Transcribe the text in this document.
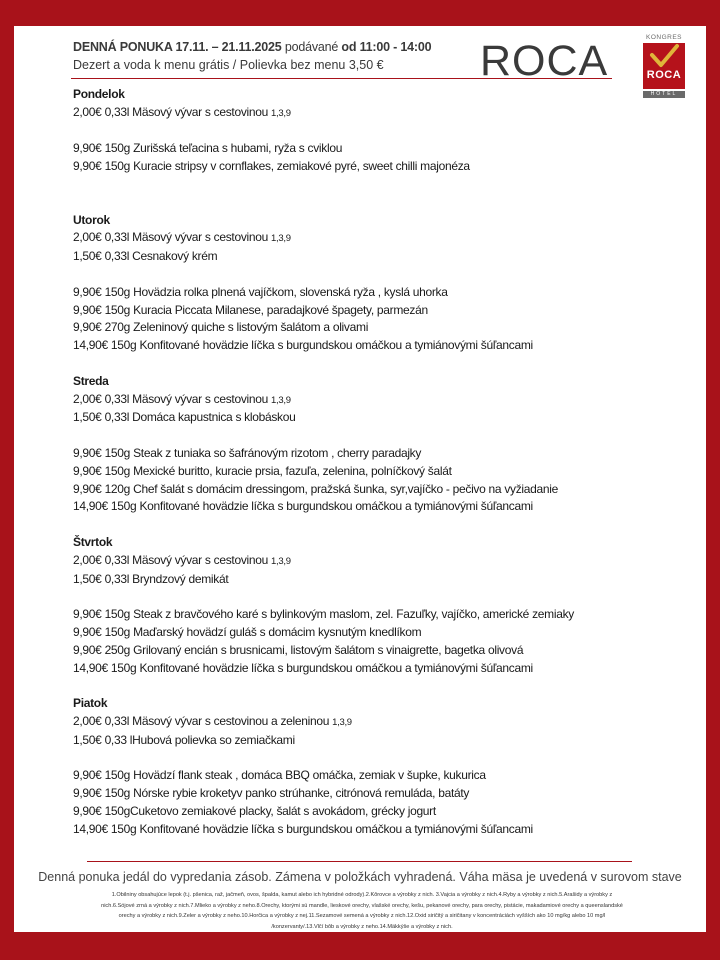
DENNÁ PONUKA 17.11. – 21.11.2025 podávané od 11:00 - 14:00
Dezert a voda k menu grátis / Polievka bez menu 3,50 € ROCA	KONGRES
ROCA
HOTEL
Pondelok
2,00€ 0,33l Mäsový vývar s cestovinou 1,3,9
9,90€ 150g Zurišská teľacina s hubami, ryža s cviklou
9,90€ 150g Kuracie stripsy v cornflakes, zemiakové pyré, sweet chilli majonéza
Utorok
2,00€ 0,33l Mäsový vývar s cestovinou 1,3,9
1,50€ 0,33l Cesnakový krém
9,90€ 150g Hovädzia rolka plnená vajíčkom, slovenská ryža , kyslá uhorka
9,90€ 150g Kuracia Piccata Milanese, paradajkové špagety, parmezán
9,90€ 270g Zeleninový quiche s listovým šalátom a olivami
14,90€ 150g Konfitované hovädzie líčka s burgundskou omáčkou a tymiánovými šúľancami
Streda
2,00€ 0,33l Mäsový vývar s cestovinou 1,3,9
1,50€ 0,33l Domáca kapustnica s klobáskou
9,90€ 150g Steak z tuniaka so šafránovým rizotom , cherry paradajky
9,90€ 150g Mexické buritto, kuracie prsia, fazuľa, zelenina, polníčkový šalát
9,90€ 120g Chef šalát s domácim dressingom, pražská šunka, syr,vajíčko - pečivo na vyžiadanie
14,90€ 150g Konfitované hovädzie líčka s burgundskou omáčkou a tymiánovými šúľancami
Štvrtok
2,00€ 0,33l Mäsový vývar s cestovinou 1,3,9
1,50€ 0,33l Bryndzový demikát
9,90€ 150g Steak z bravčového karé s bylinkovým maslom, zel. Fazuľky, vajíčko, americké zemiaky
9,90€ 150g Maďarský hovädzí guláš s domácim kysnutým knedlíkom
9,90€ 250g Grilovaný encián s brusnicami, listovým šalátom s vinaigrette, bagetka olivová
14,90€ 150g Konfitované hovädzie líčka s burgundskou omáčkou a tymiánovými šúľancami
Piatok
2,00€ 0,33l Mäsový vývar s cestovinou a zeleninou 1,3,9
1,50€ 0,33 lHubová polievka so zemiačkami
9,90€ 150g Hovädzí flank steak , domáca BBQ omáčka, zemiak v šupke, kukurica
9,90€ 150g Nórske rybie kroketyv panko strúhanke, citrónová remuláda, batáty
9,90€ 150gCuketovo zemiakové placky, šalát s avokádom, grécky jogurt
14,90€ 150g Konfitované hovädzie líčka s burgundskou omáčkou a tymiánovými šúľancami
Denná ponuka jedál do vypredania zásob. Zámena v položkách vyhradená. Váha mäsa je uvedená v surovom stave
1.Obilniny obsahujúce lepok (t.j. pšenica, raž, jačmeň, ovos, špalda, kamut alebo ich hybridné odrody).2.Kôrovce a výrobky z nich. 3.Vajcia a výrobky z nich.4.Ryby a výrobky z nich.5.Arašidy a výrobky z
nich.6.Sójové zrná a výrobky z nich.7.Mlieko a výrobky z neho.8.Orechy, ktorými sú mandle, lieskové orechy, vlašské orechy, kešu, pekanové orechy, para orechy, pistácie, makadamiové orechy a queenslandské
orechy a výrobky z nich.9.Zeler a výrobky z neho.10.Horčica a výrobky z nej.11.Sezamové semená a výrobky z nich.12.Oxid siričitý a siričitany v koncentráciách vyšších ako 10 mg/kg alebo 10 mg/l
/konzervanty/.13.Vlčí bôb a výrobky z neho.14.Mäkkýše a výrobky z nich.
